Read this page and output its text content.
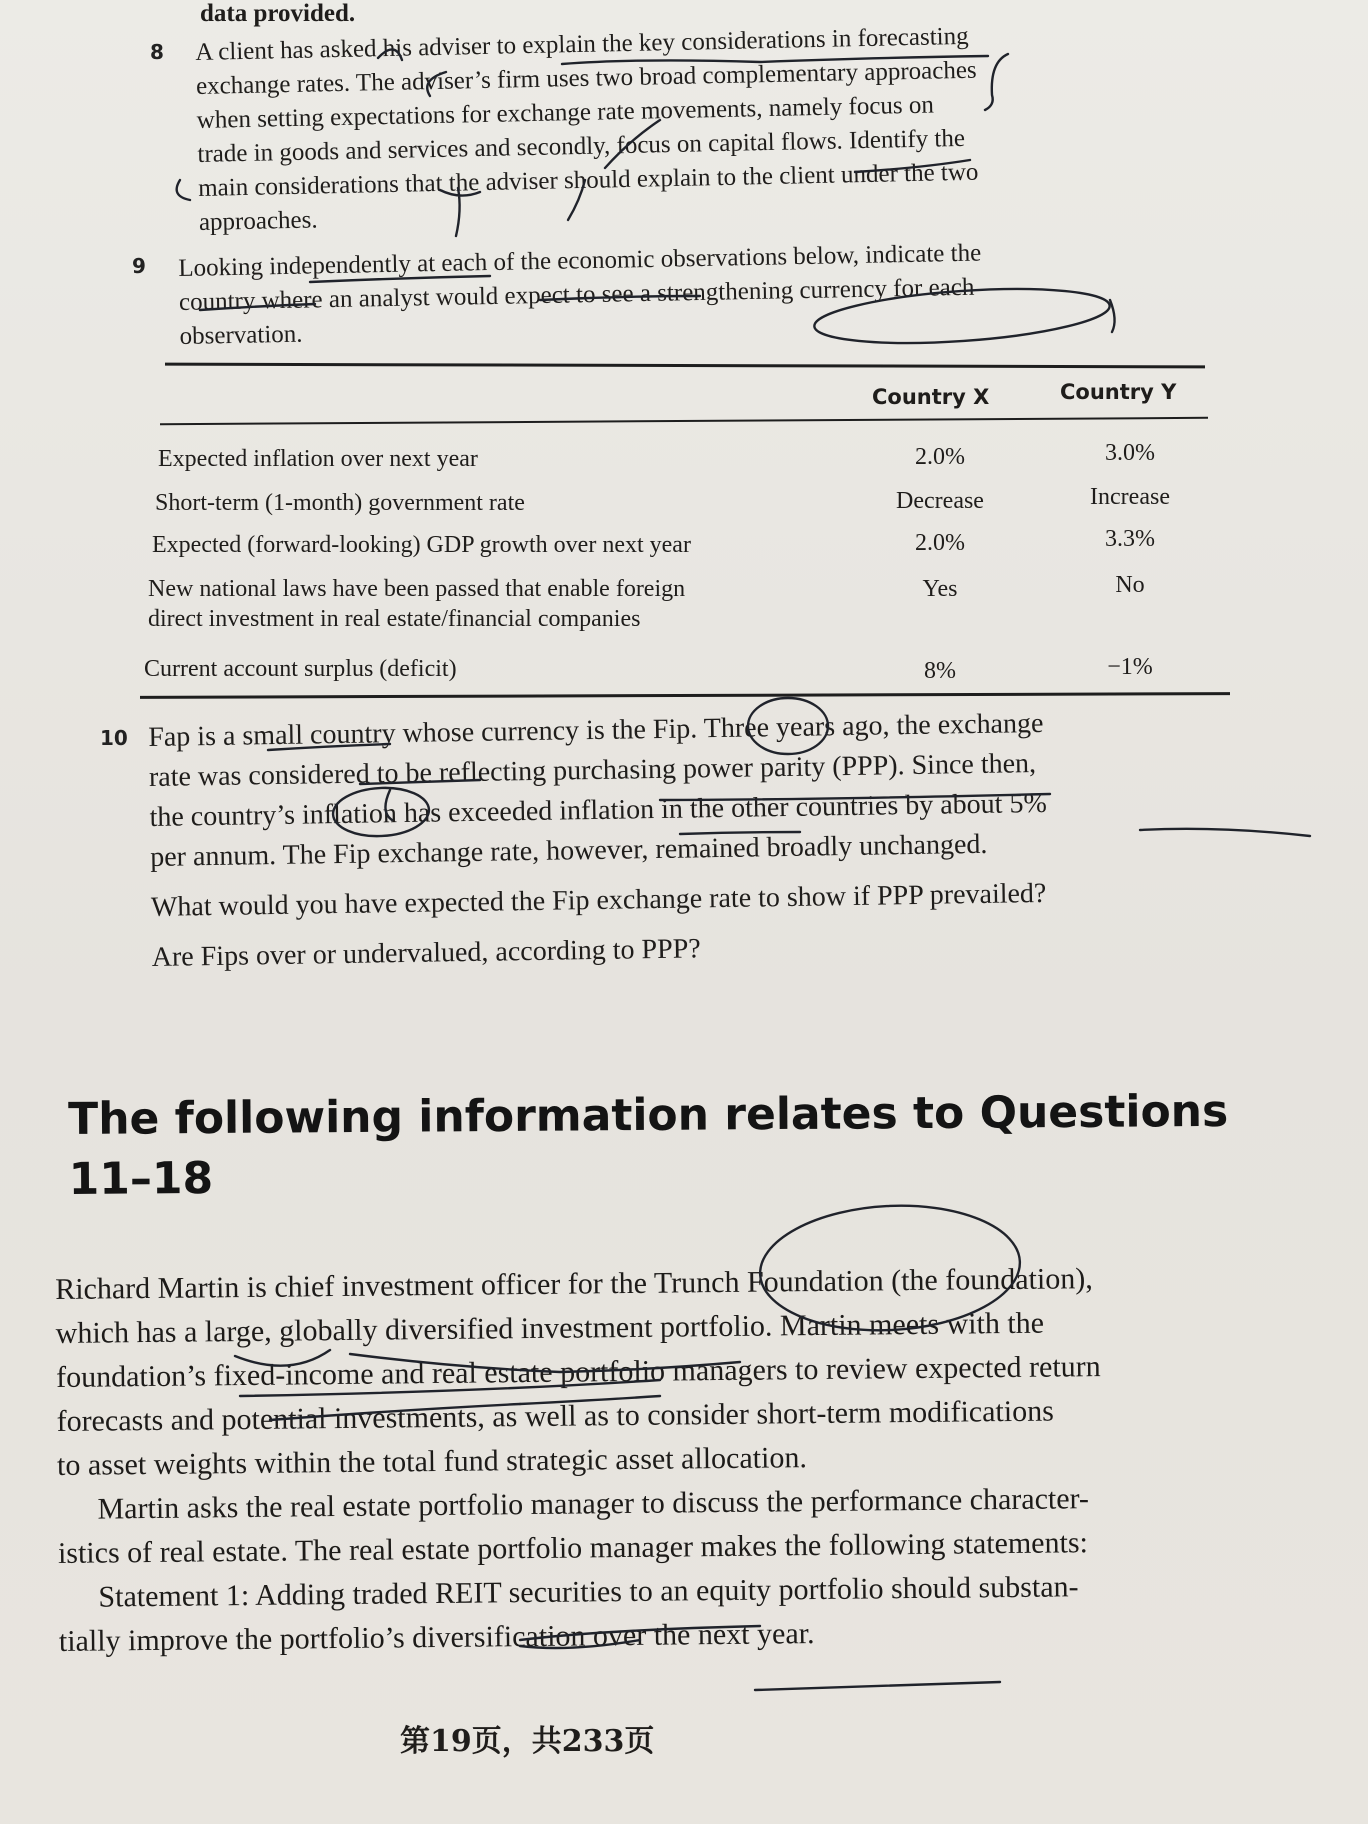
data provided.
8 A client has asked his adviser to explain the key considerations in forecasting
exchange rates. The adviser’s firm uses two broad complementary approaches
when setting expectations for exchange rate movements, namely focus on
trade in goods and services and secondly, focus on capital flows. Identify the
main considerations that the adviser should explain to the client under the two
approaches.
9 Looking independently at each of the economic observations below, indicate the
country where an analyst would expect to see a strengthening currency for each
observation.
Country X	Country Y
Expected inflation over next year	2.0%	3.0%
Short-term (1-month) government rate	Decrease	Increase
Expected (forward-looking) GDP growth over next year	2.0%	3.3%
New national laws have been passed that enable foreign
direct investment in real estate/financial companies
Yes	No
Current account surplus (deficit)	8%	−1%
10 Fap is a small country whose currency is the Fip. Three years ago, the exchange
rate was considered to be reflecting purchasing power parity (PPP). Since then,
the country’s inflation has exceeded inflation in the other countries by about 5%
per annum. The Fip exchange rate, however, remained broadly unchanged.
What would you have expected the Fip exchange rate to show if PPP prevailed?
Are Fips over or undervalued, according to PPP?
The following information relates to Questions
11–18
Richard Martin is chief investment officer for the Trunch Foundation (the foundation),
which has a large, globally diversified investment portfolio. Martin meets with the
foundation’s fixed-income and real estate portfolio managers to review expected return
forecasts and potential investments, as well as to consider short-term modifications
to asset weights within the total fund strategic asset allocation.
Martin asks the real estate portfolio manager to discuss the performance character-
istics of real estate. The real estate portfolio manager makes the following statements:
Statement 1: Adding traded REIT securities to an equity portfolio should substan-
tially improve the portfolio’s diversification over the next year.
第19页，共233页
